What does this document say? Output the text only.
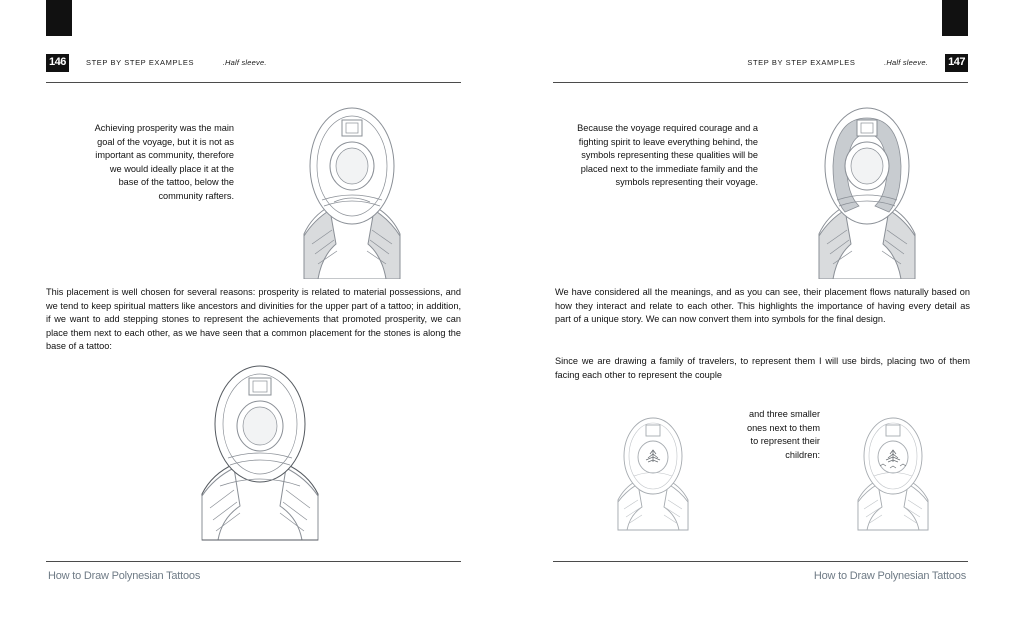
146	STEP BY STEP EXAMPLES	.Half sleeve.
Achieving prosperity was the main goal of the voyage, but it is not as important as community, therefore we would ideally place it at the base of the tattoo, below the community rafters.
This placement is well chosen for several reasons: prosperity is related to material possessions, and we tend to keep spiritual matters like ancestors and divinities for the upper part of a tattoo; in addition, if we want to add stepping stones to represent the achievements that promoted prosperity, we can place them next to each other, as we have seen that a common placement for the stones is along the base of a tattoo:
How to Draw Polynesian Tattoos
147
STEP BY STEP EXAMPLES	.Half sleeve.
How to Draw Polynesian Tattoos
Because the voyage required courage and a fighting spirit to leave everything behind, the symbols representing these qualities will be placed next to the immediate family and the symbols representing their voyage.
We have considered all the meanings, and as you can see, their placement flows naturally based on how they interact and relate to each other. This highlights the importance of having every detail as part of a unique story. We can now convert them into symbols for the final design.
Since we are drawing a family of travelers, to represent them I will use birds, placing two of them facing each other to represent the couple
and three smaller ones next to them to represent their children:
